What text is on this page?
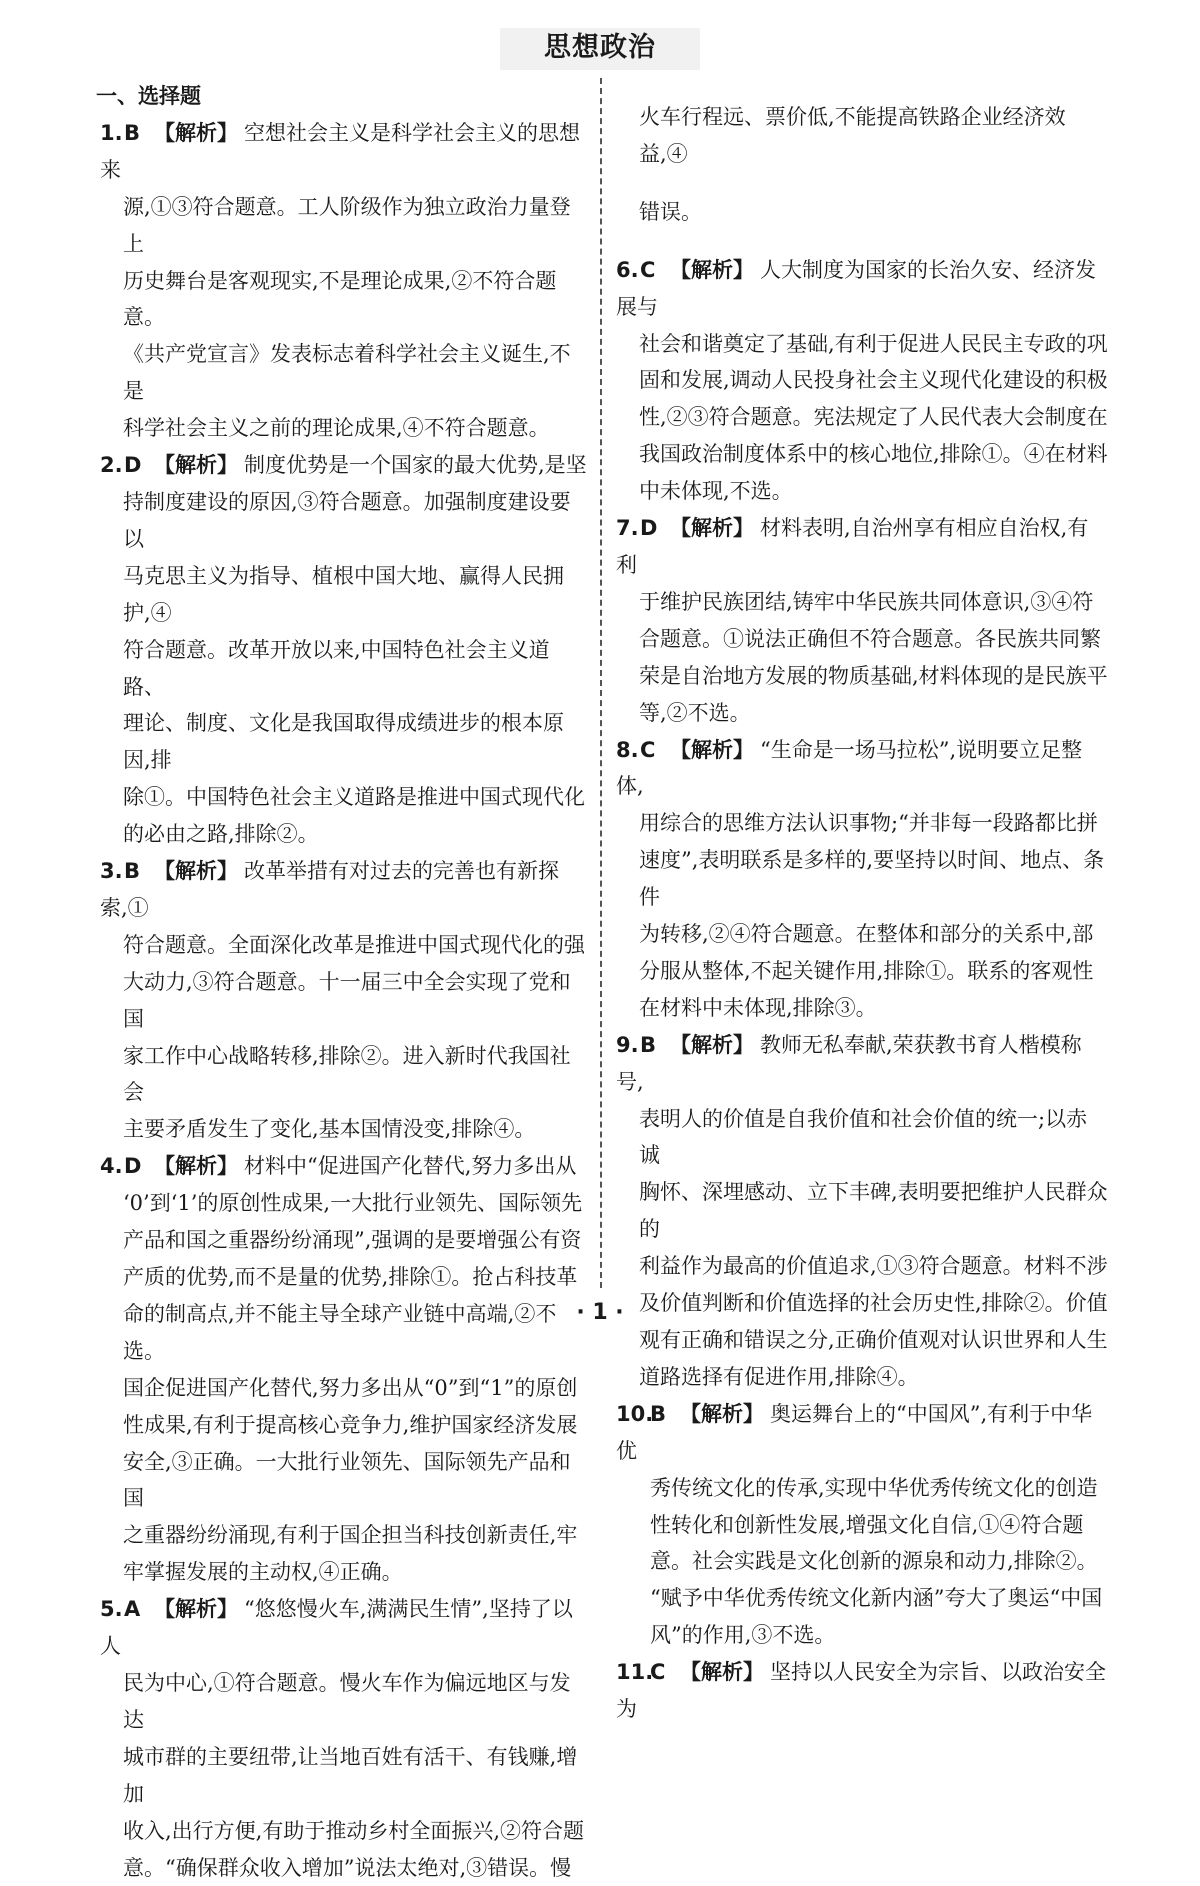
思想政治
一、选择题

1.B 【解析】 空想社会主义是科学社会主义的思想来

源,①③符合题意。工人阶级作为独立政治力量登上

历史舞台是客观现实,不是理论成果,②不符合题意。

《共产党宣言》发表标志着科学社会主义诞生,不是

科学社会主义之前的理论成果,④不符合题意。

2.D 【解析】 制度优势是一个国家的最大优势,是坚

持制度建设的原因,③符合题意。加强制度建设要以

马克思主义为指导、植根中国大地、赢得人民拥护,④

符合题意。改革开放以来,中国特色社会主义道路、

理论、制度、文化是我国取得成绩进步的根本原因,排

除①。中国特色社会主义道路是推进中国式现代化

的必由之路,排除②。

3.B 【解析】 改革举措有对过去的完善也有新探索,①

符合题意。全面深化改革是推进中国式现代化的强

大动力,③符合题意。十一届三中全会实现了党和国

家工作中心战略转移,排除②。进入新时代我国社会

主要矛盾发生了变化,基本国情没变,排除④。

4.D 【解析】 材料中“促进国产化替代,努力多出从

‘0’到‘1’的原创性成果,一大批行业领先、国际领先

产品和国之重器纷纷涌现”,强调的是要增强公有资

产质的优势,而不是量的优势,排除①。抢占科技革

命的制高点,并不能主导全球产业链中高端,②不选。

国企促进国产化替代,努力多出从“0”到“1”的原创

性成果,有利于提高核心竞争力,维护国家经济发展

安全,③正确。一大批行业领先、国际领先产品和国

之重器纷纷涌现,有利于国企担当科技创新责任,牢

牢掌握发展的主动权,④正确。

5.A 【解析】 “悠悠慢火车,满满民生情”,坚持了以人

民为中心,①符合题意。慢火车作为偏远地区与发达

城市群的主要纽带,让当地百姓有活干、有钱赚,增加

收入,出行方便,有助于推动乡村全面振兴,②符合题

意。“确保群众收入增加”说法太绝对,③错误。慢

火车行程远、票价低,不能提高铁路企业经济效益,④

错误。

6.C 【解析】 人大制度为国家的长治久安、经济发展与

社会和谐奠定了基础,有利于促进人民民主专政的巩

固和发展,调动人民投身社会主义现代化建设的积极

性,②③符合题意。宪法规定了人民代表大会制度在

我国政治制度体系中的核心地位,排除①。④在材料

中未体现,不选。

7.D 【解析】 材料表明,自治州享有相应自治权,有利

于维护民族团结,铸牢中华民族共同体意识,③④符

合题意。①说法正确但不符合题意。各民族共同繁

荣是自治地方发展的物质基础,材料体现的是民族平

等,②不选。

8.C 【解析】 “生命是一场马拉松”,说明要立足整体,

用综合的思维方法认识事物;“并非每一段路都比拼

速度”,表明联系是多样的,要坚持以时间、地点、条件

为转移,②④符合题意。在整体和部分的关系中,部

分服从整体,不起关键作用,排除①。联系的客观性

在材料中未体现,排除③。

9.B 【解析】 教师无私奉献,荣获教书育人楷模称号,

表明人的价值是自我价值和社会价值的统一;以赤诚

胸怀、深埋感动、立下丰碑,表明要把维护人民群众的

利益作为最高的价值追求,①③符合题意。材料不涉

及价值判断和价值选择的社会历史性,排除②。价值

观有正确和错误之分,正确价值观对认识世界和人生

道路选择有促进作用,排除④。

10.B 【解析】 奥运舞台上的“中国风”,有利于中华优

秀传统文化的传承,实现中华优秀传统文化的创造

性转化和创新性发展,增强文化自信,①④符合题

意。社会实践是文化创新的源泉和动力,排除②。

“赋予中华优秀传统文化新内涵”夸大了奥运“中国

风”的作用,③不选。

11.C 【解析】 坚持以人民安全为宗旨、以政治安全为

· 1 ·
